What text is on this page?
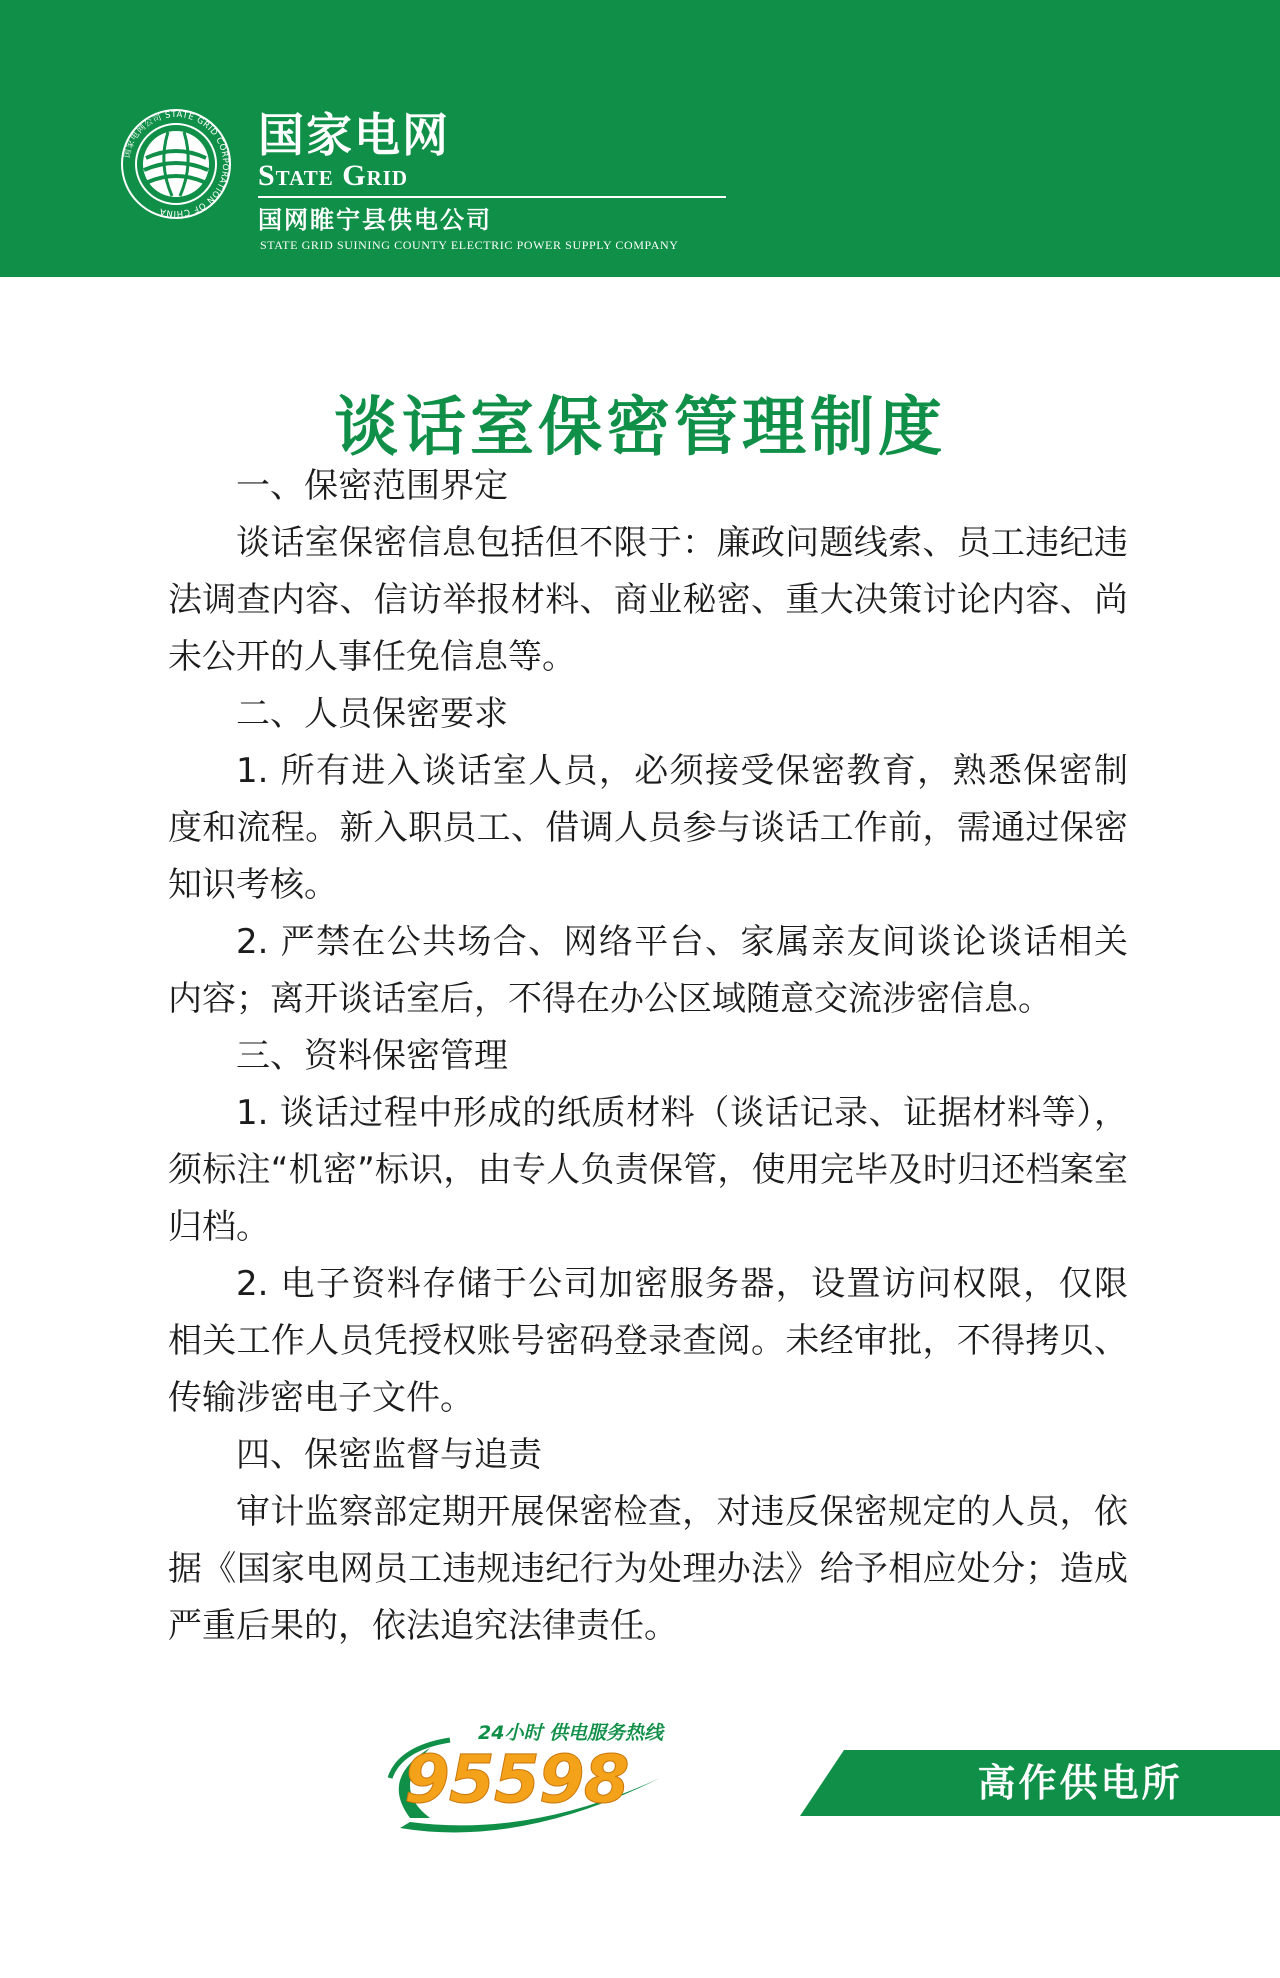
国家电网公司 STATE GRID CORPORATION OF CHINA
国家电网
State Grid
国网睢宁县供电公司
STATE GRID SUINING COUNTY ELECTRIC POWER SUPPLY COMPANY
谈话室保密管理制度

一、保密范围界定

谈话室保密信息包括但不限于：廉政问题线索、员工违纪违法调查内容、信访举报材料、商业秘密、重大决策讨论内容、尚未公开的人事任免信息等。

二、人员保密要求

1. 所有进入谈话室人员，必须接受保密教育，熟悉保密制度和流程。新入职员工、借调人员参与谈话工作前，需通过保密知识考核。

2. 严禁在公共场合、网络平台、家属亲友间谈论谈话相关内容；离开谈话室后，不得在办公区域随意交流涉密信息。

三、资料保密管理

1. 谈话过程中形成的纸质材料（谈话记录、证据材料等），须标注“机密”标识，由专人负责保管，使用完毕及时归还档案室归档。

2. 电子资料存储于公司加密服务器，设置访问权限，仅限相关工作人员凭授权账号密码登录查阅。未经审批，不得拷贝、传输涉密电子文件。

四、保密监督与追责

审计监察部定期开展保密检查，对违反保密规定的人员，依据《国家电网员工违规违纪行为处理办法》给予相应处分；造成严重后果的，依法追究法律责任。

24小时 供电服务热线
95598	高作供电所
